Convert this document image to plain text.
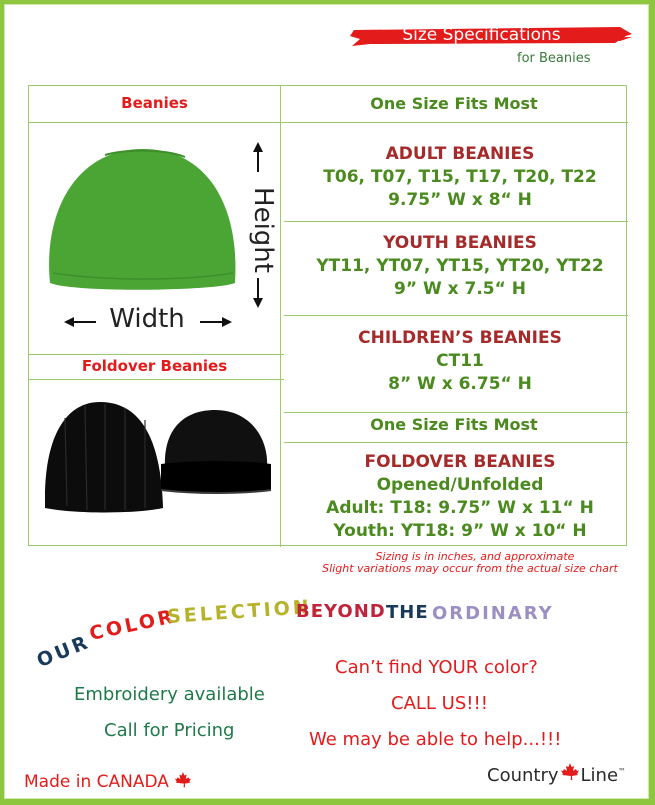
Size Specifications
for Beanies
Beanies	One Size Fits Most
Height
Width
Foldover Beanies
ADULT BEANIES
T06, T07, T15, T17, T20, T22
9.75” W x 8“ H
YOUTH BEANIES
YT11, YT07, YT15, YT20, YT22
9” W x 7.5“ H
CHILDREN’S BEANIES
CT11
8” W x 6.75“ H
One Size Fits Most
FOLDOVER BEANIES
Opened/Unfolded
Adult: T18: 9.75” W x 11“ H
Youth: YT18: 9” W x 10“ H
Sizing is in inches, and approximate
Slight variations may occur from the actual size chart
OUR
COLOR
SELECTION,
BEYOND THE ORDINARY
Embroidery available
Call for Pricing
Can’t find YOUR color?
CALL US!!!
We may be able to help...!!!
Made in CANADA	Country Line™
